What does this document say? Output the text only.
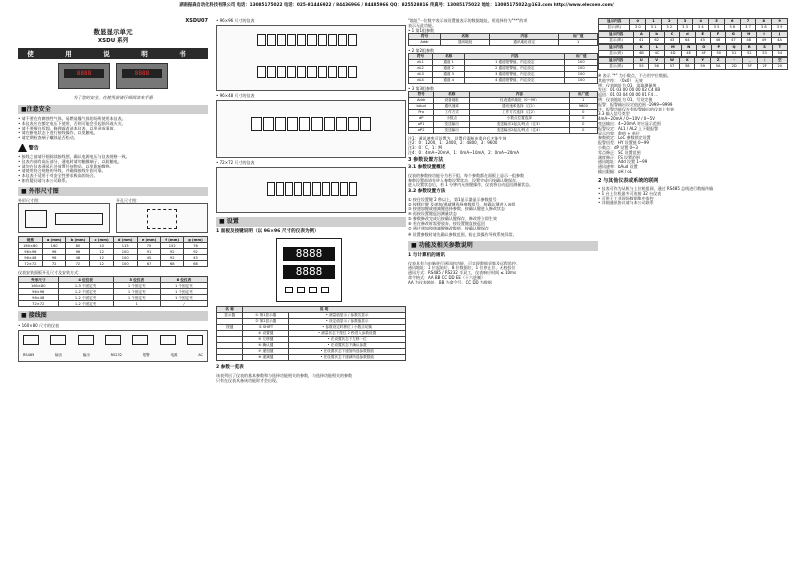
湖南振森自动化科技有限公司 电话：13085175022 电话：025-81446922 / 84436966 / 84485966 QQ：825528816 传真号：13085175022 地址：13085175022@163.com http://www.elecsen.com/
XSDU07
数显显示单元
XSDU 系列
使	用	说	明	书
8888	8888
为了您的安全，在使用前请仔细阅读本手册
■注意安全
• 请不要在有腐蚀性气体、易燃易爆气体的场所使用本仪表。
• 本仪表应在额定电压下使用，否则可能会引起损坏或火灾。
• 请不要擅自拆卸、修理或改造本仪表，以免造成事故。
• 请在断电状态下进行接线操作，以免触电。
• 请定期检查端子螺丝是否松动。
警告
• 接线之前请仔细阅读接线图，确认电源电压与仪表规格一致。
• 仪表内部有高压部分，通电时请勿触摸端子，以防触电。
• 请勿在仪表通风孔处放置任何物品，以免影响散热。
• 请使用符合规格的导线，并确保接线牢固可靠。
• 本仪表不适用于对安全性要求极高的场合。
• 如有疑问请与本公司联系。
■ 外形尺寸图
外形尺寸图：	开孔尺寸图：
规格	a (mm)	b (mm)	c (mm)	d (mm)	e (mm)	f (mm)	g (mm)
160×80	160	80	10	115	75	152	76
96×96	96	96	12	100	91	92	92
96×48	96	48	12	100	45	92	45
72×72	72	72	12	100	67	68	68
仪表安装面板开孔尺寸及安装方式：
外形尺寸	4 位仪表	5 位仪表	8 位仪表
160×80	1-3 个固定夹	1 个固定夹	1 个固定夹
96×96	1-2 个固定夹	1 个固定夹	1 个固定夹
96×48	1-2 个固定夹	1 个固定夹	1 个固定夹
72×72	1-2 个固定夹	1	/
■ 接线图
• 160×80 尺寸的仪表
RS485	输出	输出	RS232	报警	电源	AC
• 96×96 尺寸的仪表
• 96×48 尺寸的仪表
• 72×72 尺寸的仪表
■ 设置
1 面板及按键说明（以 96×96 尺寸的仪表为例）
8888
8888
名 称	说 明	
显示器	① 第1显示器	• 测量值显示 / 参数名显示
	② 第2显示器	• 设定值显示 / 参数值显示
按键	③ SHIFT	• 参数设定时移位 / 小数点切换
	④ 设置键	• 测量状态下按住 2 秒进入参数设置
	⑤ 左移键	• 在设置状态下左移一位
	⑥ 确认键	• 在设置状态下确认参数
	⑦ 递加键	• 在设置状态下递加所选参数数值
	⑧ 递减键	• 在设置状态下递减所选参数数值
2 参数一览表
该表列出了仪表的基本参数和与选择功能相关的参数，与选择功能相关的参数
只有在仪表具备该功能时才会出现。
"地址"一位数字表示该设置值表示的数据地址，用选择符为"**"的项
表示无此功能。
• 1 第1组参数
符号	名称	内容	出厂值
Addr	通讯地址	通讯地址设定	1
• 2 第2组参数
符号	名称	内容	出厂值
dL1	通道 1	1 通道报警值，内定设定	100
dL2	通道 2	2 通道报警值，内定设定	100
dL3	通道 3	3 通道报警值，内定设定	100
dL4	通道 4	4 通道报警值，内定设定	100
• 3 第3组参数
符号	名称	内容	出厂值
Addr	设备地址	仪表通讯地址（0~99）	1
bAud	通讯速率	通讯速率选择（注1）	9600
Pro	工作方式	工作方式选择（注2）	0
dP	小数点	小数点位置选择	0
oP1	变送输出	变送输出1起点/终点（注3）	0
oP2	变送输出	变送输出2起点/终点（注4）	0
注1：通讯速率可设置为，设置后需断电重启后才能生效
注2：0：1200，1：2400，2：4800，3：9600
注3：0：C，1：M
注4：0：4mA~20mA，1：0mA~10mA，2：0mA~20mA
3 参数设置方法
3.1 参数设置概述
仪表的参数按功能分为若干组，每个参数都在面板上显示一组参数
参数设置前请先进入参数设置状态，设置完成后按确认键保存。
进入设置状态后，若 1 分钟内无按键操作，仪表将自动返回测量状态。
3.2 参数设置方法
① 按住设置键 2 秒以上，第1显示器显示参数组号
② 按移位键 及递加/递减键选择参数组号，按确认键进入该组
③ 按递加键或递减键选择参数，按确认键进入修改状态
④ 再按设置键返回测量状态
⑤ 参数修改完成后按确认键保存，修改将立即生效
⑥ 若在修改时需要放弃，按设置键直接返回
⑦ 通过递加和递减键修改数值，按确认键保存
※ 设置参数时请先确认参数范围，防止误操作导致系统异常。
■ 功能及相关参数说明
1 与计算机的通讯
仪表具有与电脑进行通讯的功能，可实现数据采集及远程监控。
通讯地址：1 位起始位、8 位数据位、1 位停止位、无校验位
通讯方式：RS485 / RS232 半双工，仪表响应时间 ≤ 10ms
命令格式：AA BB CC DD EE（十六进制）
AA 为仪表地址，BB 为命令号，CC DD 为数据
显示内容	0	1	2	3	4	5	6	7	8	9
显示(码)	3 0	3 1	3 2	3 3	3 4	3 5	3 6	3 7	3 8	3 9
显示内容	A	b	C	d	E	F	G	H	I	J
显示(码)	41	62	43	64	45	46	47	48	49	4A
显示内容	K	L	M	N	O	P	Q	R	S	T
显示(码)	4B	4C	4D	4E	4F	50	51	52	53	54
显示内容	U	V	W	X	Y	Z	-	_	/	空
显示(码)	55	56	57	58	59	5A	2D	5F	2F	20
※ 表示 "*" 为小数点，不占用字位数据。
其他字符：（0x0） 无效
例：仪表地址为 01，读取测量值
发送：01 03 00 00 00 02 C4 0B
返回：01 03 04 00 00 01 F4 ...
例：仪表地址为 01，写设定值
报警：报警输出设定值范围 -1999~9999
注：报警功能仅在有报警输出的仪表上有效
3.3 输入信号类型
4mA~20mA / 0~10V / 0~5V
变送输出：4~20mA 对应显示范围
报警设定：AL1 / AL2 上下限报警
显示内容：数值 + 单位
参数锁定：LoC 参数锁定设置
报警回差：HY 设置值 0~99
小数点：dP 设置 0~3
零点修正：SC 设置范围
满度修正：FS 设置范围
通讯地址：Add 设置 1~99
通讯速率：bAud 设置
输出限幅：oH / oL
2 与其他仪表或系统的联网
• 仪表可作为从机与上位机组网，通过 RS485 总线进行数据传输
• 1 台上位机最多可连接 32 台仪表
• 可用于工业现场数据集中监控
• 详细通讯协议请与本公司联系
